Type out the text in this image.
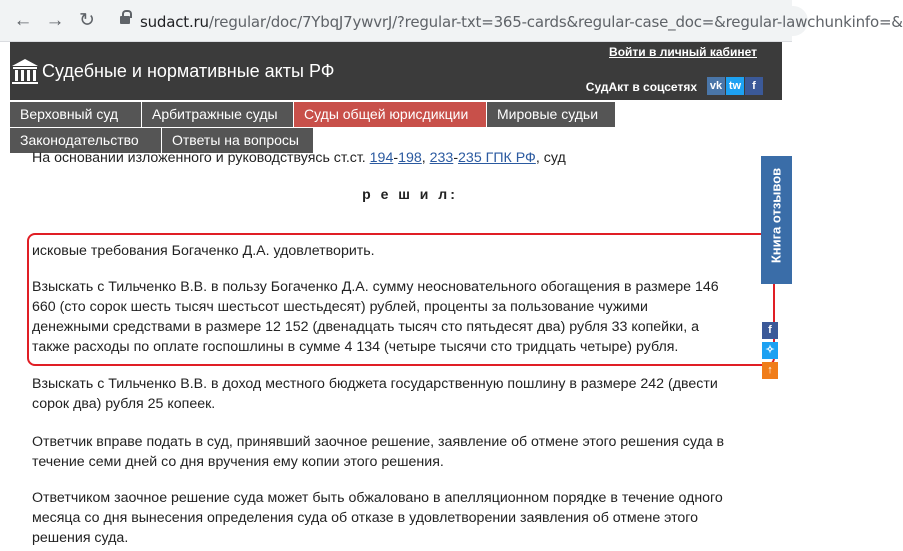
← → ↻	sudact.ru/regular/doc/7YbqJ7ywvrJ/?regular-txt=365-cards&regular-case_doc=&regular-lawchunkinfo=&
Судебные и нормативные акты РФ
Войти в личный кабинет
СудАкт в соцсетях vk tw	f
Верховный суд	Арбитражные суды	Суды общей юрисдикции	Мировые судьи
Законодательство	Ответы на вопросы
На основании изложенного и руководствуясь ст.ст. 194-198, 233-235 ГПК РФ, суд
р е ш и л:
исковые требования Богаченко Д.А. удовлетворить.
Взыскать с Тильченко В.В. в пользу Богаченко Д.А. сумму неосновательного обогащения в размере 146
660 (сто сорок шесть тысяч шестьсот шестьдесят) рублей, проценты за пользование чужими
денежными средствами в размере 12 152 (двенадцать тысяч сто пятьдесят два) рубля 33 копейки, а
также расходы по оплате госпошлины в сумме 4 134 (четыре тысячи сто тридцать четыре) рубля.
Взыскать с Тильченко В.В. в доход местного бюджета государственную пошлину в размере 242 (двести
сорок два) рубля 25 копеек.
Ответчик вправе подать в суд, принявший заочное решение, заявление об отмене этого решения суда в
течение семи дней со дня вручения ему копии этого решения.
Ответчиком заочное решение суда может быть обжаловано в апелляционном порядке в течение одного
месяца со дня вынесения определения суда об отказе в удовлетворении заявления об отмене этого
решения суда.
Книга отзывов
f
✧
↑
